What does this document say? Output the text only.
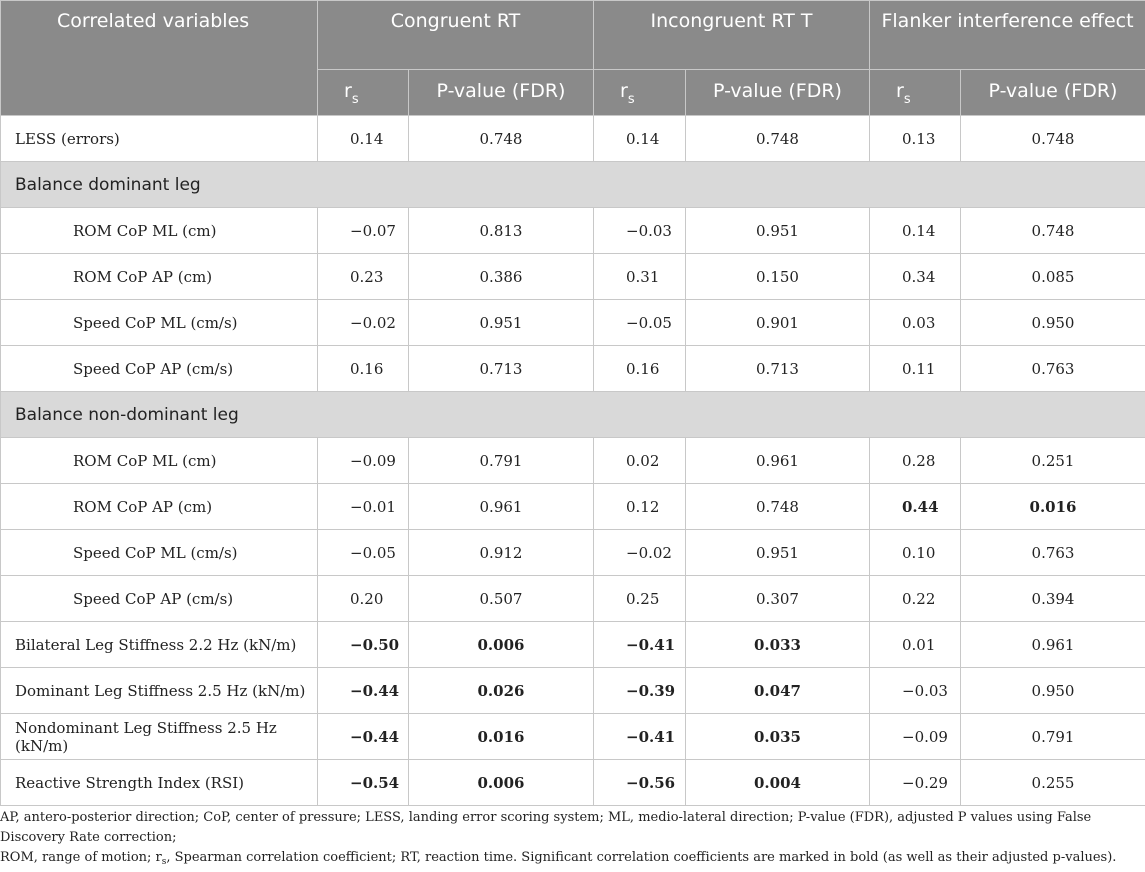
Correlated variables	Congruent RT		Incongruent RT T		Flanker interference effect	
	$r_s$	P-value (FDR)	$r_s$	P-value (FDR)	$r_s$	P-value (FDR)
LESS (errors)	0.14	0.748	0.14	0.748	0.13	0.748
Balance dominant leg						
ROM CoP ML (cm)	−0.07	0.813	−0.03	0.951	0.14	0.748
ROM CoP AP (cm)	0.23	0.386	0.31	0.150	0.34	0.085
Speed CoP ML (cm/s)	−0.02	0.951	−0.05	0.901	0.03	0.950
Speed CoP AP (cm/s)	0.16	0.713	0.16	0.713	0.11	0.763
Balance non-dominant leg						
ROM CoP ML (cm)	−0.09	0.791	0.02	0.961	0.28	0.251
ROM CoP AP (cm)	−0.01	0.961	0.12	0.748	0.44	0.016
Speed CoP ML (cm/s)	−0.05	0.912	−0.02	0.951	0.10	0.763
Speed CoP AP (cm/s)	0.20	0.507	0.25	0.307	0.22	0.394
Bilateral Leg Stiffness 2.2 Hz (kN/m)	−0.50	0.006	−0.41	0.033	0.01	0.961
Dominant Leg Stiffness 2.5 Hz (kN/m)	−0.44	0.026	−0.39	0.047	−0.03	0.950
Nondominant Leg Stiffness 2.5 Hz (kN/m)	−0.44	0.016	−0.41	0.035	−0.09	0.791
Reactive Strength Index (RSI)	−0.54	0.006	−0.56	0.004	−0.29	0.255
AP, antero-posterior direction; CoP, center of pressure; LESS, landing error scoring system; ML, medio-lateral direction; P-value (FDR), adjusted P values using False Discovery Rate correction;
ROM, range of motion; $r_s$, Spearman correlation coefficient; RT, reaction time. Significant correlation coefficients are marked in bold (as well as their adjusted p-values).
